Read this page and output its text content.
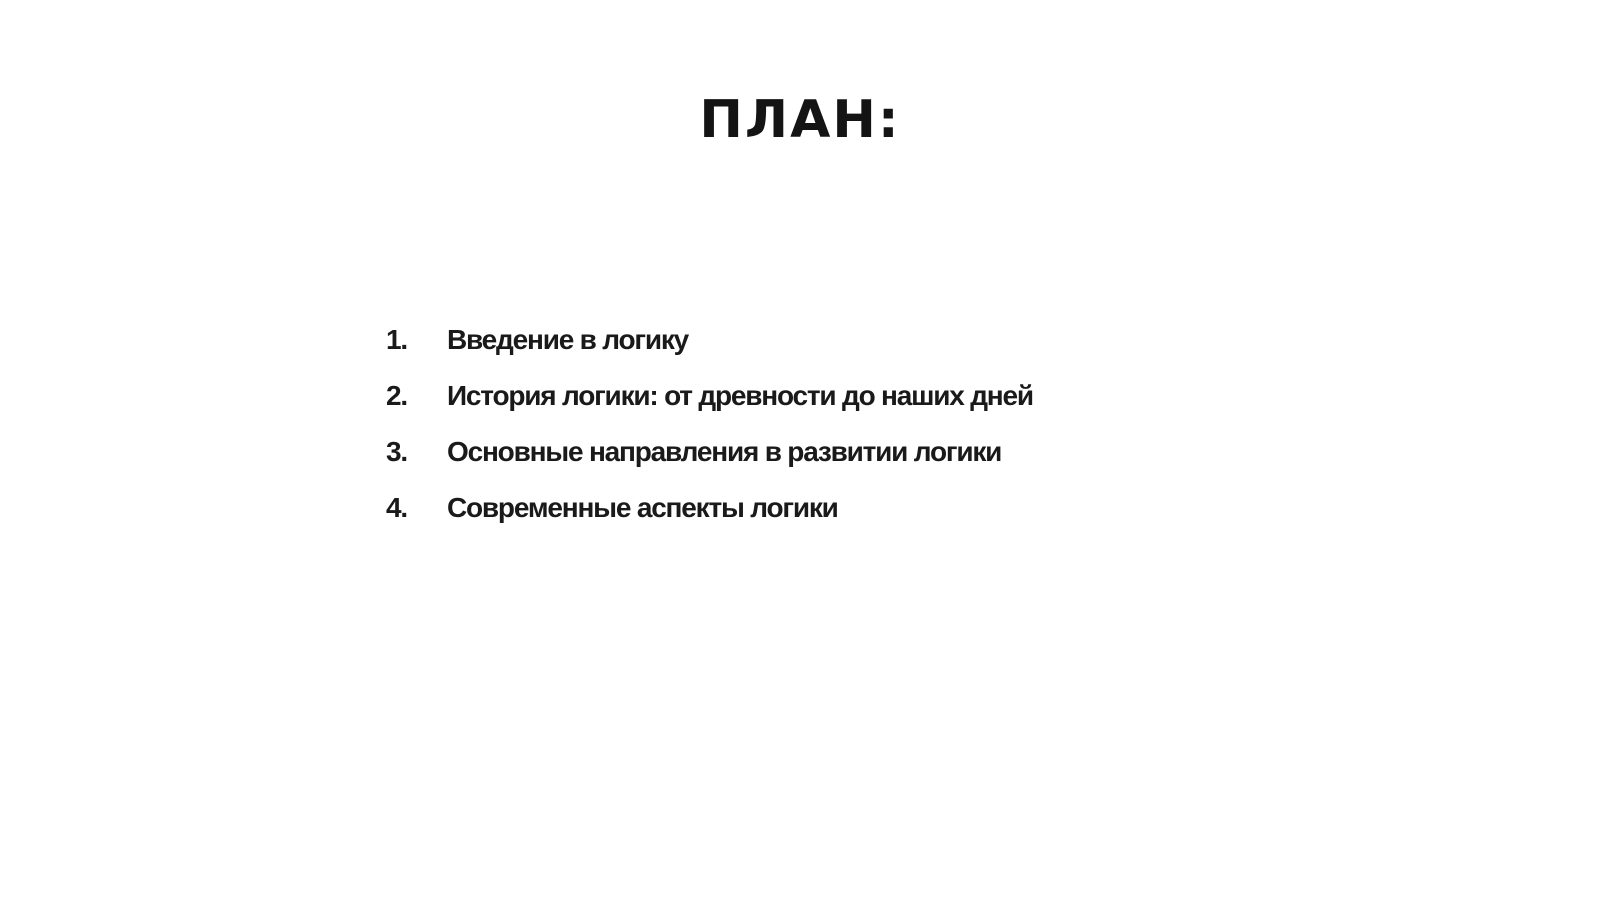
ПЛАН:
1.	Введение в логику
2.	История логики: от древности до наших дней
3.	Основные направления в развитии логики
4.	Современные аспекты логики
